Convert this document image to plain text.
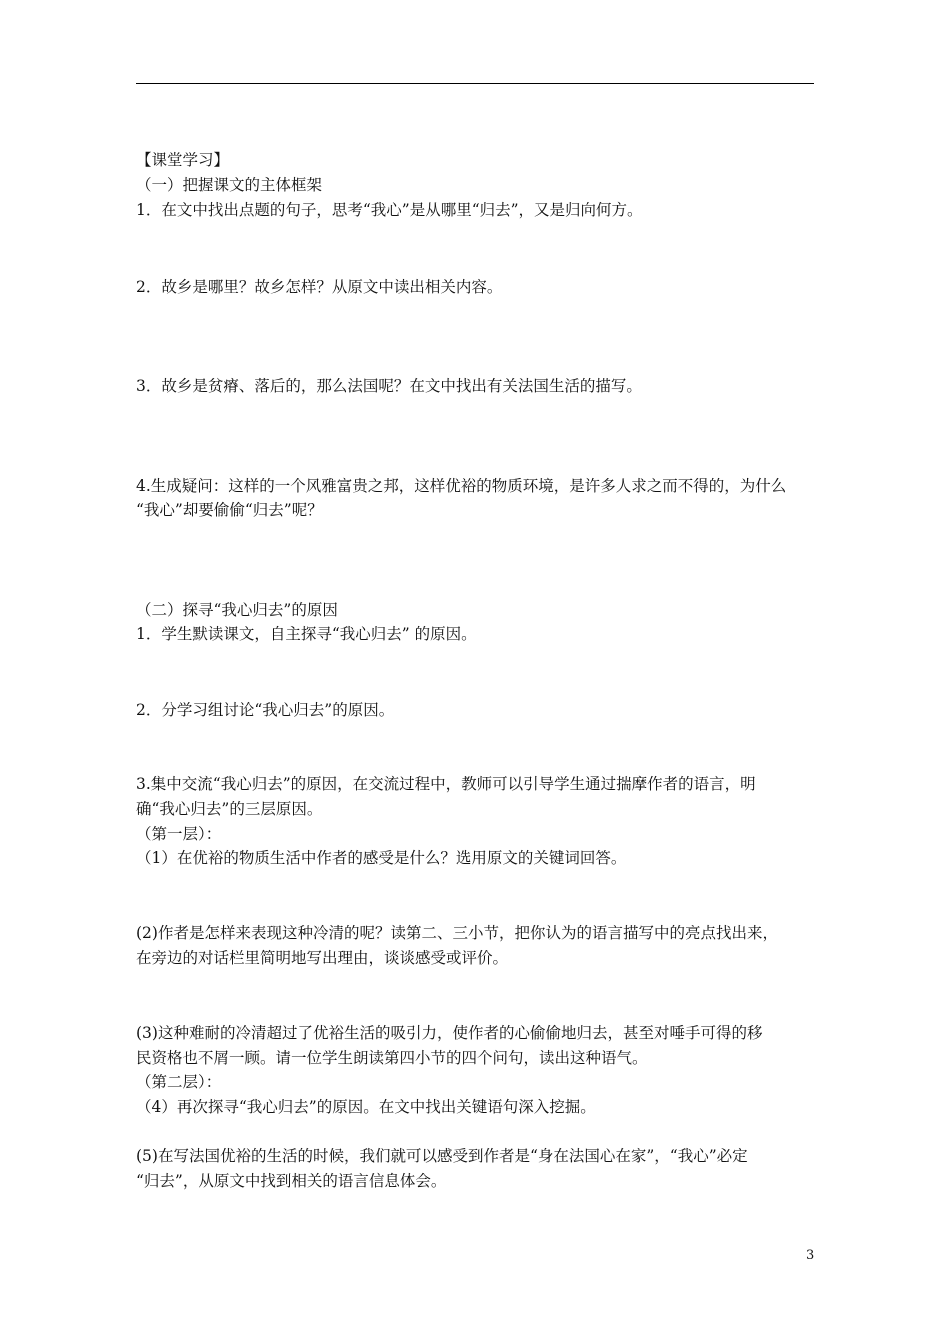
【课堂学习】
（一）把握课文的主体框架
1．在文中找出点题的句子，思考“我心”是从哪里“归去”，又是归向何方。
2．故乡是哪里？故乡怎样？从原文中读出相关内容。
3．故乡是贫瘠、落后的，那么法国呢？在文中找出有关法国生活的描写。
4.生成疑问：这样的一个风雅富贵之邦，这样优裕的物质环境，是许多人求之而不得的，为什么
“我心”却要偷偷“归去”呢？
（二）探寻“我心归去”的原因
1．学生默读课文，自主探寻“我心归去” 的原因。
2．分学习组讨论“我心归去”的原因。
3.集中交流“我心归去”的原因，在交流过程中，教师可以引导学生通过揣摩作者的语言，明
确“我心归去”的三层原因。
（第一层）：
（1）在优裕的物质生活中作者的感受是什么？选用原文的关键词回答。
(2)作者是怎样来表现这种冷清的呢？读第二、三小节，把你认为的语言描写中的亮点找出来，
在旁边的对话栏里简明地写出理由，谈谈感受或评价。
(3)这种难耐的冷清超过了优裕生活的吸引力，使作者的心偷偷地归去，甚至对唾手可得的移
民资格也不屑一顾。请一位学生朗读第四小节的四个问句，读出这种语气。
（第二层）：
（4）再次探寻“我心归去”的原因。在文中找出关键语句深入挖掘。
(5)在写法国优裕的生活的时候，我们就可以感受到作者是“身在法国心在家”，“我心”必定
“归去”，从原文中找到相关的语言信息体会。
3
